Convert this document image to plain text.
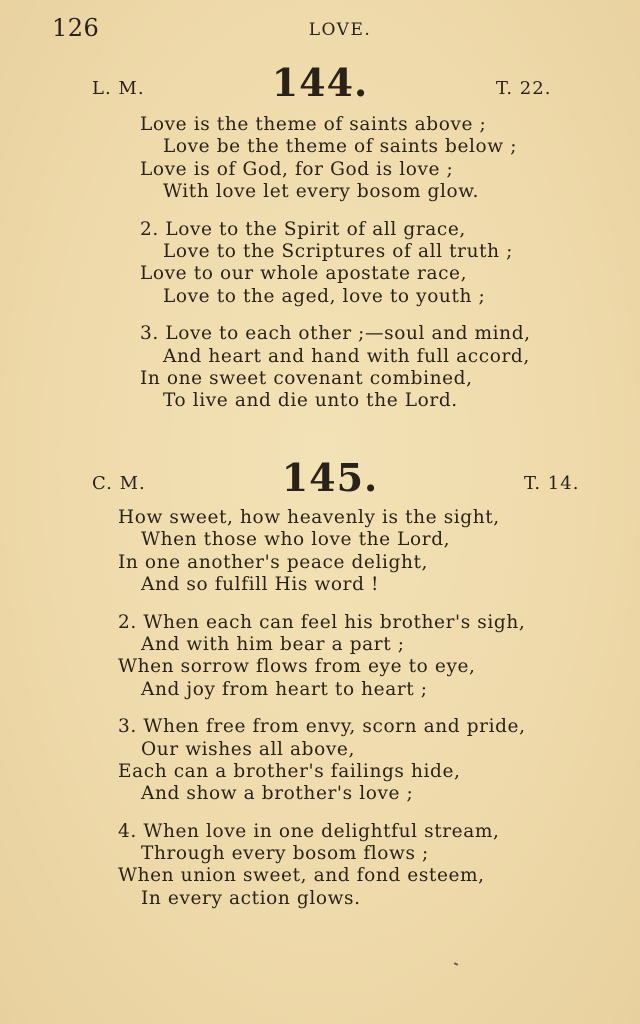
126	LOVE.
L. M.	144.	T. 22.
Love is the theme of saints above ;
Love be the theme of saints below ;
Love is of God, for God is love ;
With love let every bosom glow.
2. Love to the Spirit of all grace,
Love to the Scriptures of all truth ;
Love to our whole apostate race,
Love to the aged, love to youth ;
3. Love to each other ;—soul and mind,
And heart and hand with full accord,
In one sweet covenant combined,
To live and die unto the Lord.
C. M.	145.	T. 14.
How sweet, how heavenly is the sight,
When those who love the Lord,
In one another's peace delight,
And so fulfill His word !
2. When each can feel his brother's sigh,
And with him bear a part ;
When sorrow flows from eye to eye,
And joy from heart to heart ;
3. When free from envy, scorn and pride,
Our wishes all above,
Each can a brother's failings hide,
And show a brother's love ;
4. When love in one delightful stream,
Through every bosom flows ;
When union sweet, and fond esteem,
In every action glows.
